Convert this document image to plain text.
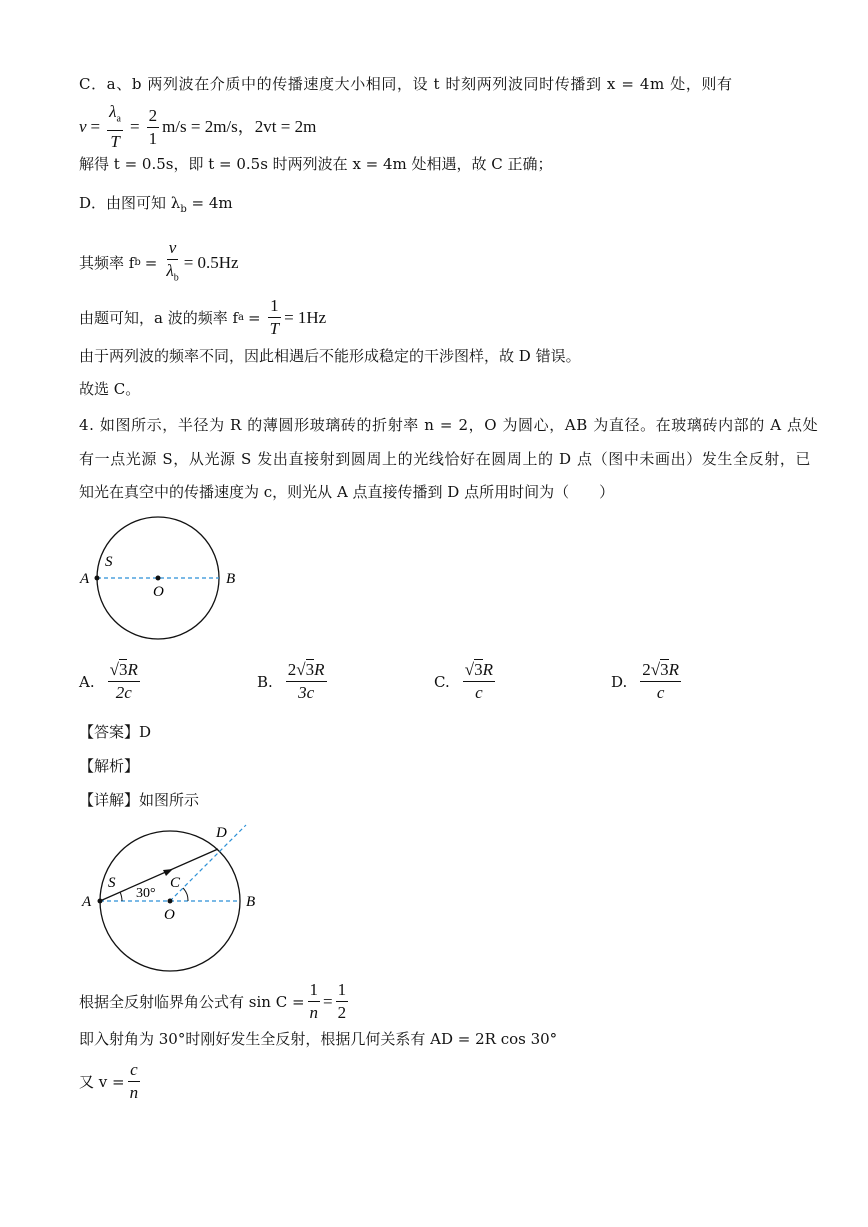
C．a、b 两列波在介质中的传播速度大小相同，设 t 时刻两列波同时传播到 x = 4m 处，则有
$v = \frac{\lambda_a}{T} = \frac{2}{1} m/s = 2m/s$，2vt = 2m
解得 t = 0.5s，即 t = 0.5s 时两列波在 x = 4m 处相遇，故 C 正确；
D．由图可知 $\lambda_b = 4m$
其频率 f $b = \frac{v}{\lambda_b} = 0.5Hz$
由题可知，a 波的频率 f $a = \frac{1}{T} = 1Hz$
由于两列波的频率不同，因此相遇后不能形成稳定的干涉图样，故 D 错误。
故选 C。
4. 如图所示，半径为 R 的薄圆形玻璃砖的折射率 n = 2，O 为圆心，AB 为直径。在玻璃砖内部的 A 点处
有一点光源 S，从光源 S 发出直接射到圆周上的光线恰好在圆周上的 D 点（图中未画出）发生全反射，已
知光在真空中的传播速度为 c，则光从 A 点直接传播到 D 点所用时间为（　　）
S
A
O
B
A. $\frac{√3R}{2c}$	B. $\frac{2√3R}{3c}$	C. $\frac{√3R}{c}$	D. $\frac{2√3R}{c}$
【答案】D
【解析】
【详解】如图所示
D
S	C
30°
A
O
B
根据全反射临界角公式有 $\sin C = \frac{1}{n} = \frac{1}{2}$
即入射角为 30°时刚好发生全反射，根据几何关系有 AD = 2R cos 30°
又 $v = \frac{c}{n}$
